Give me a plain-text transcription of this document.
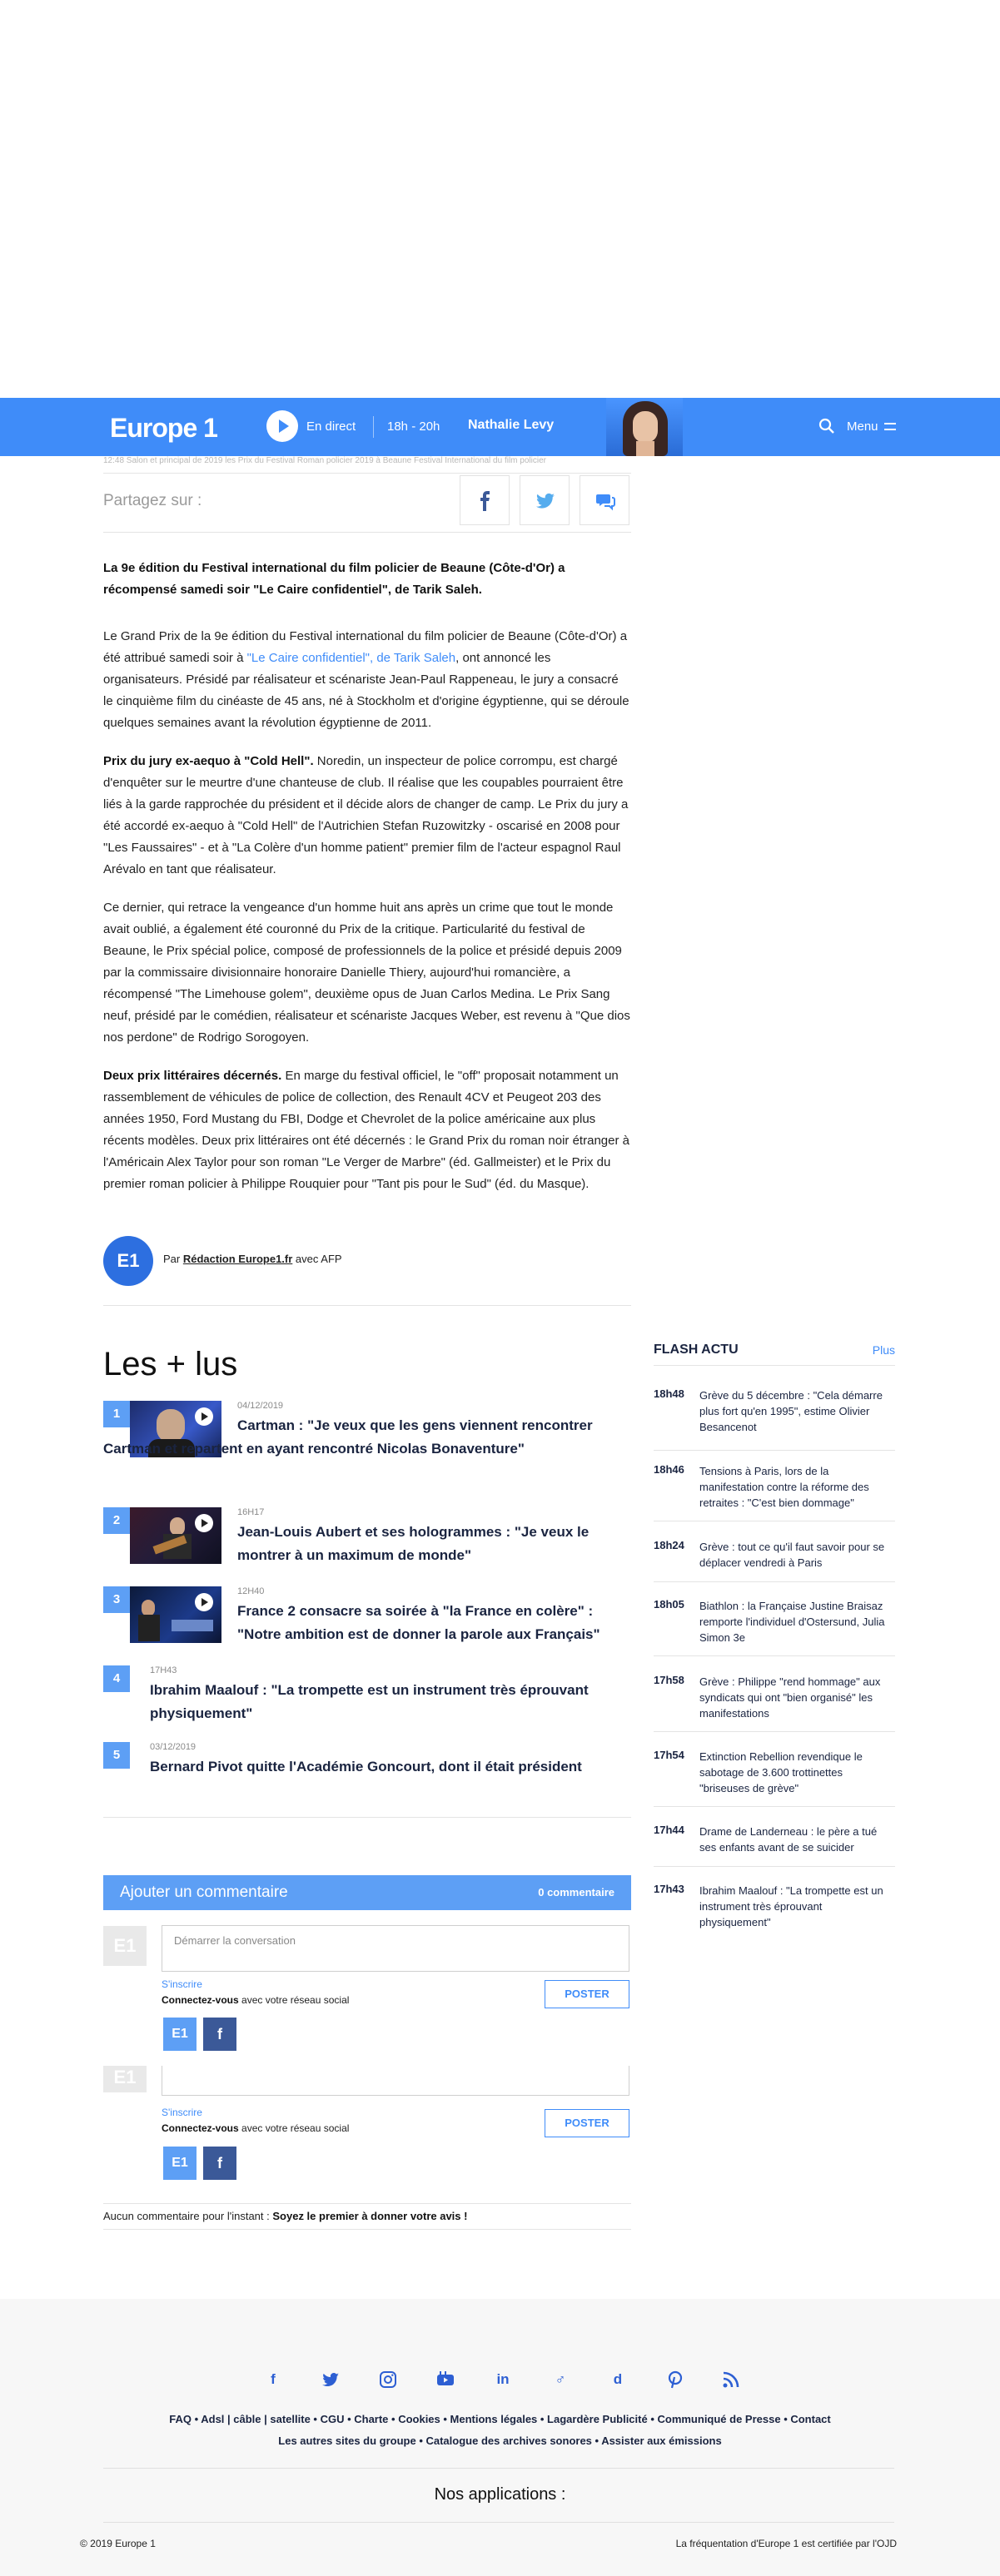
Europe 1	En direct	18h - 20h Nathalie Levy	Menu
12:48 Salon et principal de 2019 les Prix du Festival Roman policier 2019 à Beaune Festival International du film policier
Partagez sur :

La 9e édition du Festival international du film policier de Beaune (Côte-d'Or) a récompensé samedi soir "Le Caire confidentiel", de Tarik Saleh.

Le Grand Prix de la 9e édition du Festival international du film policier de Beaune (Côte-d'Or) a été attribué samedi soir à "Le Caire confidentiel", de Tarik Saleh, ont annoncé les organisateurs. Présidé par réalisateur et scénariste Jean-Paul Rappeneau, le jury a consacré le cinquième film du cinéaste de 45 ans, né à Stockholm et d'origine égyptienne, qui se déroule quelques semaines avant la révolution égyptienne de 2011.

Prix du jury ex-aequo à "Cold Hell". Noredin, un inspecteur de police corrompu, est chargé d'enquêter sur le meurtre d'une chanteuse de club. Il réalise que les coupables pourraient être liés à la garde rapprochée du président et il décide alors de changer de camp. Le Prix du jury a été accordé ex-aequo à "Cold Hell" de l'Autrichien Stefan Ruzowitzky - oscarisé en 2008 pour "Les Faussaires" - et à "La Colère d'un homme patient" premier film de l'acteur espagnol Raul Arévalo en tant que réalisateur.

Ce dernier, qui retrace la vengeance d'un homme huit ans après un crime que tout le monde avait oublié, a également été couronné du Prix de la critique. Particularité du festival de Beaune, le Prix spécial police, composé de professionnels de la police et présidé depuis 2009 par la commissaire divisionnaire honoraire Danielle Thiery, aujourd'hui romancière, a récompensé "The Limehouse golem", deuxième opus de Juan Carlos Medina. Le Prix Sang neuf, présidé par le comédien, réalisateur et scénariste Jacques Weber, est revenu à "Que dios nos perdone" de Rodrigo Sorogoyen.

Deux prix littéraires décernés. En marge du festival officiel, le "off" proposait notamment un rassemblement de véhicules de police de collection, des Renault 4CV et Peugeot 203 des années 1950, Ford Mustang du FBI, Dodge et Chevrolet de la police américaine aux plus récents modèles. Deux prix littéraires ont été décernés : le Grand Prix du roman noir étranger à l'Américain Alex Taylor pour son roman "Le Verger de Marbre" (éd. Gallmeister) et le Prix du premier roman policier à Philippe Rouquier pour "Tant pis pour le Sud" (éd. du Masque).

E1	Par Rédaction Europe1.fr avec AFP
Les + lus
1
04/12/2019
Cartman : "Je veux que les gens viennent rencontrer Cartman et repartent en ayant rencontré Nicolas Bonaventure"
2
16H17
Jean-Louis Aubert et ses hologrammes : "Je veux le montrer à un maximum de monde"
3
12H40
France 2 consacre sa soirée à "la France en colère" : "Notre ambition est de donner la parole aux Français"
4
17H43
Ibrahim Maalouf : "La trompette est un instrument très éprouvant physiquement"
5
03/12/2019
Bernard Pivot quitte l'Académie Goncourt, dont il était président
FLASH ACTU	Plus
18h48 Grève du 5 décembre : "Cela démarre plus fort qu'en 1995", estime Olivier Besancenot
18h46 Tensions à Paris, lors de la manifestation contre la réforme des retraites : "C'est bien dommage"
18h24 Grève : tout ce qu'il faut savoir pour se déplacer vendredi à Paris
18h05 Biathlon : la Française Justine Braisaz remporte l'individuel d'Ostersund, Julia Simon 3e
17h58 Grève : Philippe "rend hommage" aux syndicats qui ont "bien organisé" les manifestations
17h54 Extinction Rebellion revendique le sabotage de 3.600 trottinettes "briseuses de grève"
17h44 Drame de Landerneau : le père a tué ses enfants avant de se suicider
17h43 Ibrahim Maalouf : "La trompette est un instrument très éprouvant physiquement"
Ajouter un commentaire	0 commentaire
E1	Démarrer la conversation
S'inscrire
Connectez-vous avec votre réseau social	POSTER
E1	f
E1
S'inscrire
Connectez-vous avec votre réseau social	POSTER
E1	f
Aucun commentaire pour l'instant : Soyez le premier à donner votre avis !
f	in	♂	d
FAQ • Adsl | câble | satellite • CGU • Charte • Cookies • Mentions légales • Lagardère Publicité • Communiqué de Presse • Contact
Les autres sites du groupe • Catalogue des archives sonores • Assister aux émissions
Nos applications :
© 2019 Europe 1	La fréquentation d'Europe 1 est certifiée par l'OJD
